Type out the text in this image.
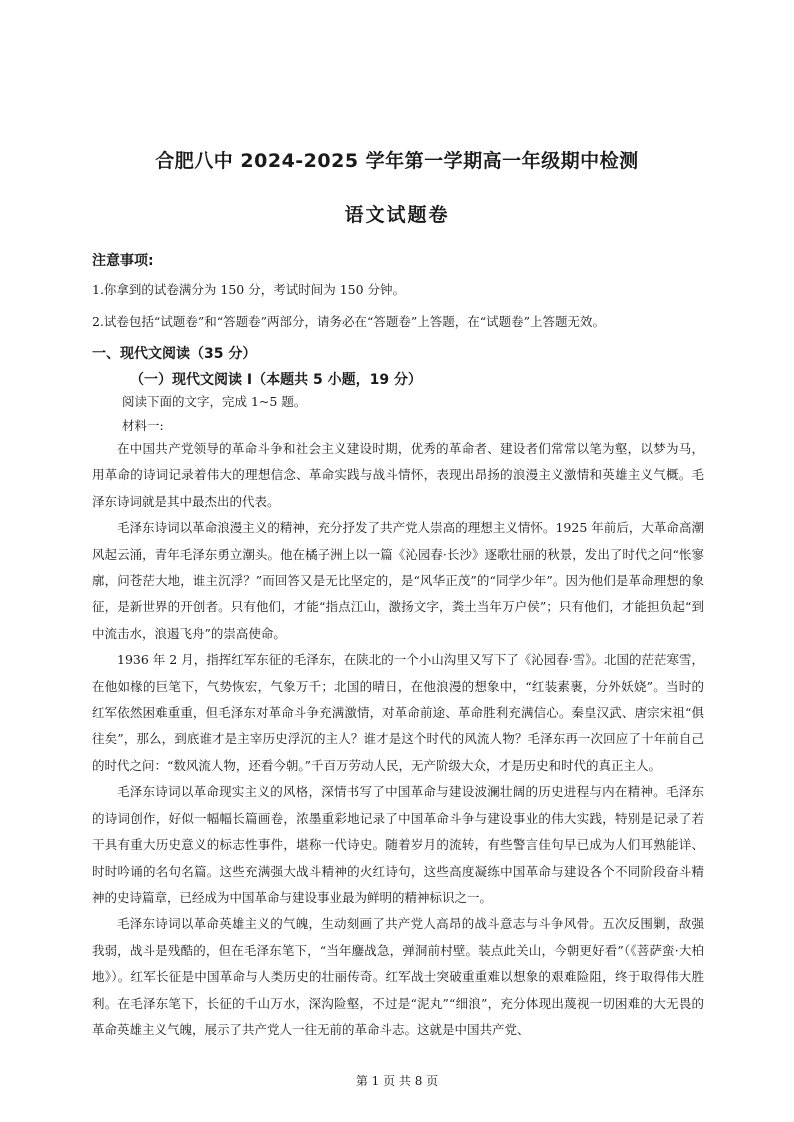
合肥八中 2024-2025 学年第一学期高一年级期中检测
语文试题卷
注意事项:
1.你拿到的试卷满分为 150 分，考试时间为 150 分钟。
2.试卷包括“试题卷”和“答题卷”两部分，请务必在“答题卷”上答题，在“试题卷”上答题无效。
一、现代文阅读（35 分）
（一）现代文阅读 I（本题共 5 小题，19 分）
阅读下面的文字，完成 1~5 题。
材料一:

在中国共产党领导的革命斗争和社会主义建设时期，优秀的革命者、建设者们常常以笔为壑，以梦为马，用革命的诗词记录着伟大的理想信念、革命实践与战斗情怀，表现出昂扬的浪漫主义激情和英雄主义气概。毛泽东诗词就是其中最杰出的代表。

毛泽东诗词以革命浪漫主义的精神，充分抒发了共产党人崇高的理想主义情怀。1925 年前后，大革命高潮风起云涌，青年毛泽东勇立潮头。他在橘子洲上以一篇《沁园春·长沙》逐歌壮丽的秋景，发出了时代之问“怅寥廓，问苍茫大地，谁主沉浮？”而回答又是无比坚定的，是“风华正茂”的“同学少年”。因为他们是革命理想的象征，是新世界的开创者。只有他们，才能“指点江山，激扬文字，粪土当年万户侯”；只有他们，才能担负起“到中流击水，浪遏飞舟”的崇高使命。

1936 年 2 月，指挥红军东征的毛泽东，在陕北的一个小山沟里又写下了《沁园春·雪》。北国的茫茫寒雪，在他如椽的巨笔下，气势恢宏，气象万千；北国的晴日，在他浪漫的想象中，“红装素裹，分外妖娆”。当时的红军依然困难重重，但毛泽东对革命斗争充满激情，对革命前途、革命胜利充满信心。秦皇汉武、唐宗宋祖“俱往矣”，那么，到底谁才是主宰历史浮沉的主人？谁才是这个时代的风流人物？毛泽东再一次回应了十年前自己的时代之问：“数风流人物，还看今朝。”千百万劳动人民，无产阶级大众，才是历史和时代的真正主人。

毛泽东诗词以革命现实主义的风格，深情书写了中国革命与建设波澜壮阔的历史进程与内在精神。毛泽东的诗词创作，好似一幅幅长篇画卷，浓墨重彩地记录了中国革命斗争与建设事业的伟大实践，特别是记录了若干具有重大历史意义的标志性事件，堪称一代诗史。随着岁月的流转，有些警言佳句早已成为人们耳熟能详、时时吟诵的名句名篇。这些充满强大战斗精神的火红诗句，这些高度凝练中国革命与建设各个不同阶段奋斗精神的史诗篇章，已经成为中国革命与建设事业最为鲜明的精神标识之一。

毛泽东诗词以革命英雄主义的气魄，生动刻画了共产党人高昂的战斗意志与斗争风骨。五次反围剿，敌强我弱，战斗是残酷的，但在毛泽东笔下，“当年鏖战急，弹洞前村壁。装点此关山，今朝更好看”（《菩萨蛮·大柏地》）。红军长征是中国革命与人类历史的壮丽传奇。红军战士突破重重难以想象的艰难险阻，终于取得伟大胜利。在毛泽东笔下，长征的千山万水，深沟险壑，不过是“泥丸”“细浪”，充分体现出蔑视一切困难的大无畏的革命英雄主义气魄，展示了共产党人一往无前的革命斗志。这就是中国共产党、

第 1 页 共 8 页
